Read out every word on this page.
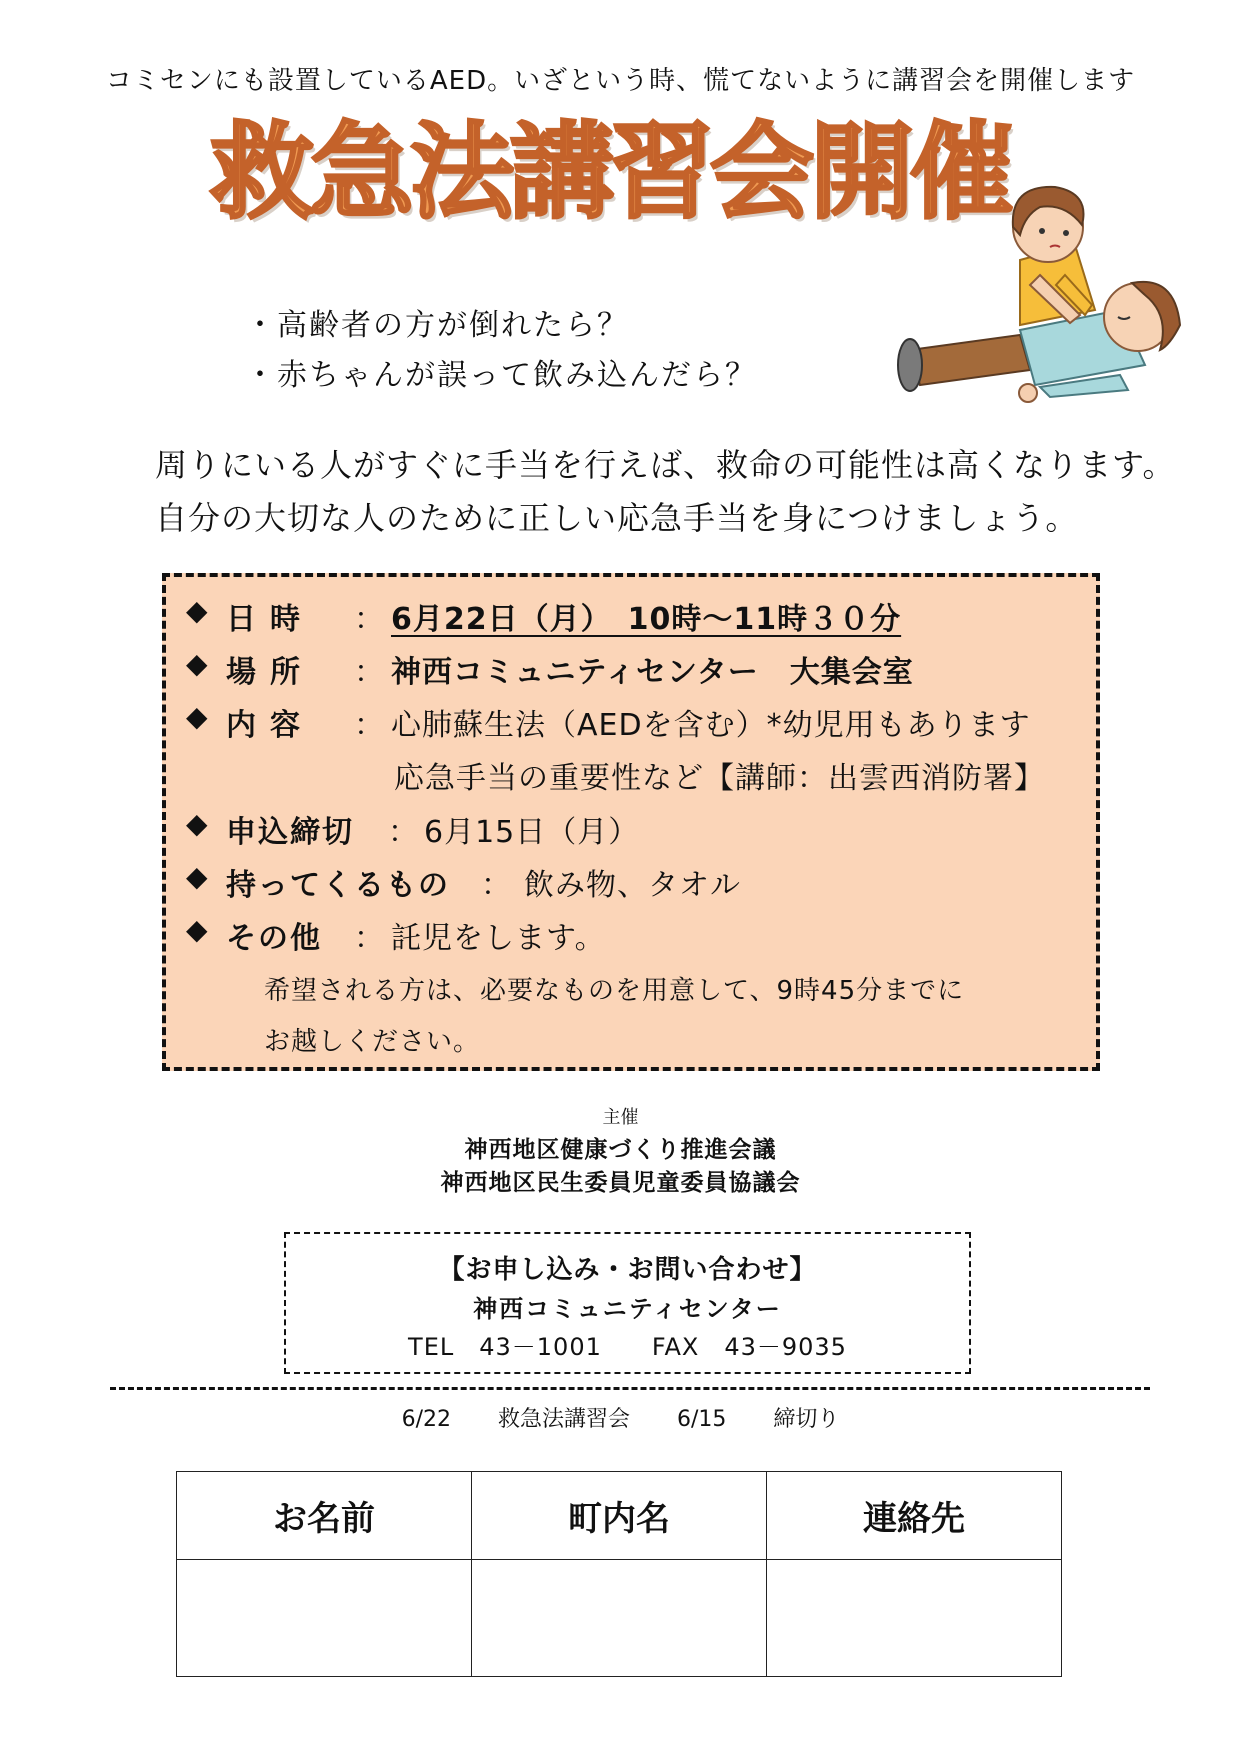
コミセンにも設置しているAED。いざという時、慌てないように講習会を開催します
救急法講習会開催
・高齢者の方が倒れたら？
・赤ちゃんが誤って飲み込んだら？
周りにいる人がすぐに手当を行えば、救命の可能性は高くなります。
自分の大切な人のために正しい応急手当を身につけましょう。
◆ 日時 ： 6月22日（月）　10時～11時３０分
◆ 場所 ： 神西コミュニティセンター　大集会室
◆ 内容 ： 心肺蘇生法（AEDを含む）*幼児用もあります
応急手当の重要性など【講師：出雲西消防署】
◆ 申込締切 ： 6月15日（月）
◆ 持ってくるもの ： 飲み物、タオル
◆ その他 ： 託児をします。
希望される方は、必要なものを用意して、9時45分までに
お越しください。
主催
神西地区健康づくり推進会議
神西地区民生委員児童委員協議会
【お申し込み・お問い合わせ】
神西コミュニティセンター
TEL　43－1001　　FAX　43－9035
6/22 救急法講習会 6/15 締切り
お名前	町内名	連絡先
